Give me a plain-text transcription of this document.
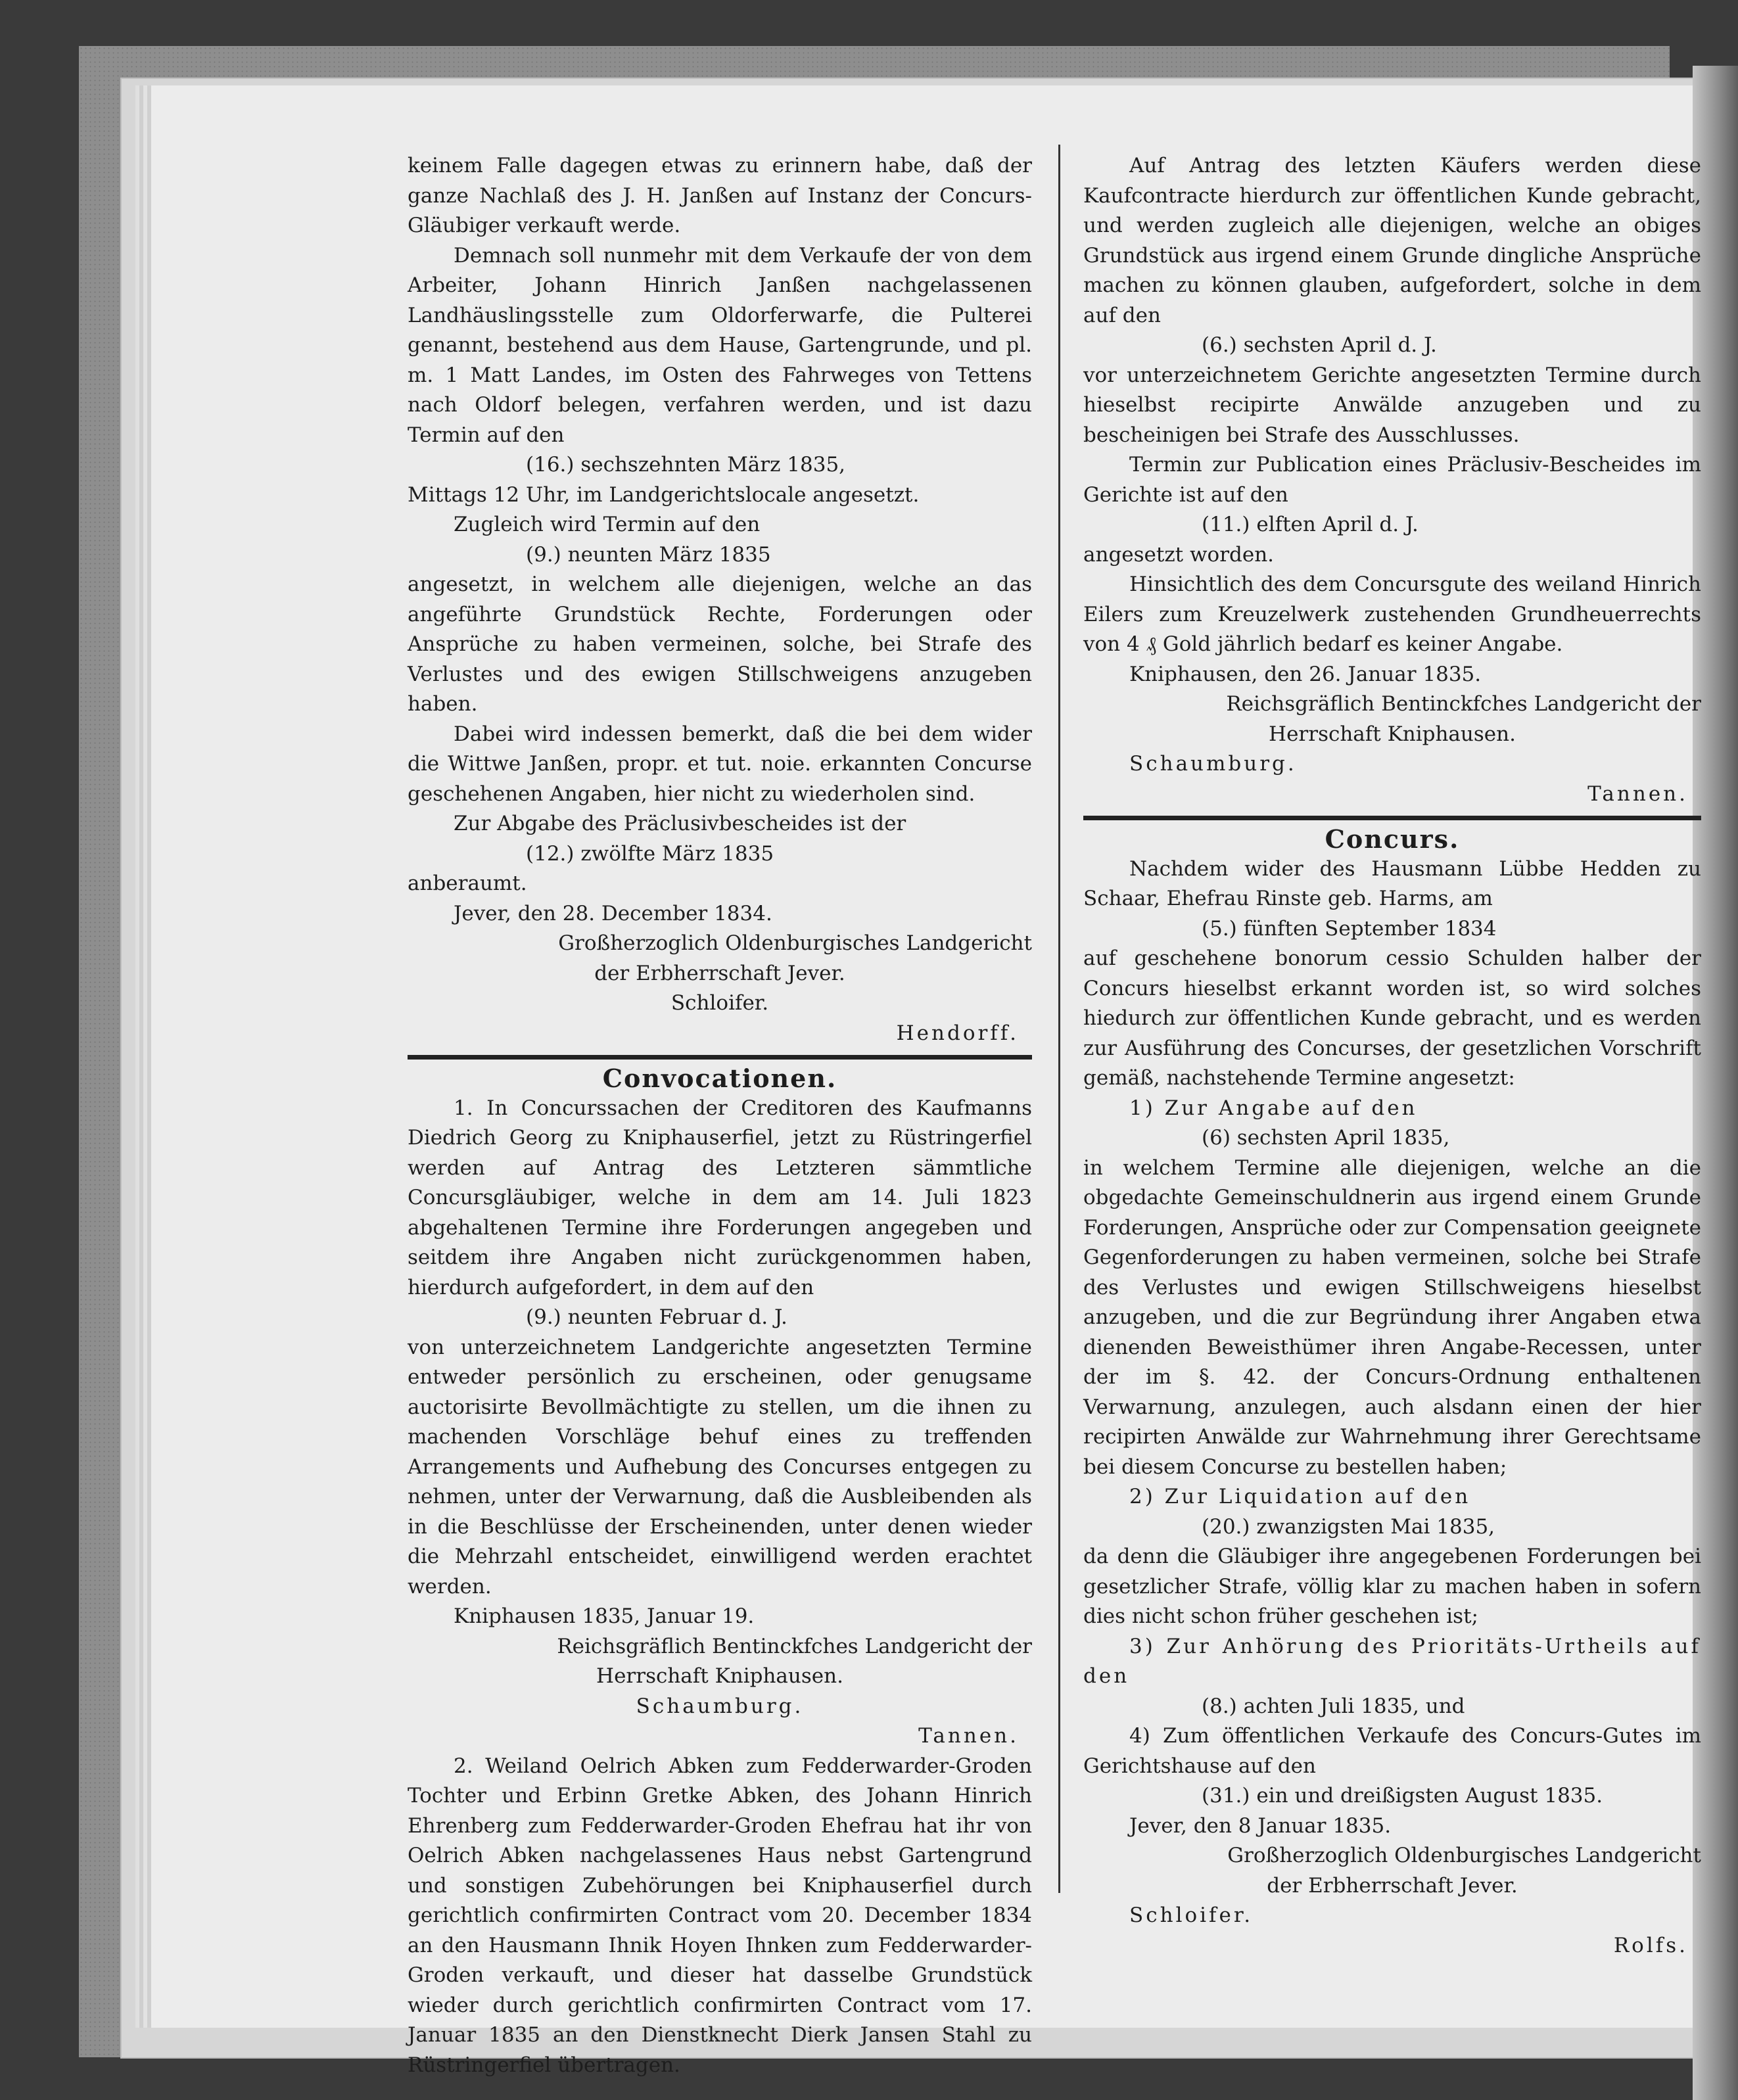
keinem Falle dagegen etwas zu erinnern habe, daß der ganze Nachlaß des J. H. Janßen auf Instanz der Concurs-Gläubiger verkauft werde.

Demnach soll nunmehr mit dem Verkaufe der von dem Arbeiter, Johann Hinrich Janßen nachgelassenen Landhäuslingsstelle zum Oldorferwarfe, die Pulterei genannt, bestehend aus dem Hause, Gartengrunde, und pl. m. 1 Matt Landes, im Osten des Fahrweges von Tettens nach Oldorf belegen, verfahren werden, und ist dazu Termin auf den

(16.) sechszehnten März 1835,

Mittags 12 Uhr, im Landgerichtslocale angesetzt.

Zugleich wird Termin auf den

(9.) neunten März 1835

angesetzt, in welchem alle diejenigen, welche an das angeführte Grundstück Rechte, Forderungen oder Ansprüche zu haben vermeinen, solche, bei Strafe des Verlustes und des ewigen Stillschweigens anzugeben haben.

Dabei wird indessen bemerkt, daß die bei dem wider die Wittwe Janßen, propr. et tut. noie. erkannten Concurse geschehenen Angaben, hier nicht zu wiederholen sind.

Zur Abgabe des Präclusivbescheides ist der

(12.) zwölfte März 1835

anberaumt.

Jever, den 28. December 1834.

Großherzoglich Oldenburgisches Landgericht

der Erbherrschaft Jever.

Schloifer.

Hendorff.

Convocationen.

1. In Concurssachen der Creditoren des Kaufmanns Diedrich Georg zu Kniphauserfiel, jetzt zu Rüstringerfiel werden auf Antrag des Letzteren sämmtliche Concursgläubiger, welche in dem am 14. Juli 1823 abgehaltenen Termine ihre Forderungen angegeben und seitdem ihre Angaben nicht zurückgenommen haben, hierdurch aufgefordert, in dem auf den

(9.) neunten Februar d. J.

von unterzeichnetem Landgerichte angesetzten Termine entweder persönlich zu erscheinen, oder genugsame auctorisirte Bevollmächtigte zu stellen, um die ihnen zu machenden Vorschläge behuf eines zu treffenden Arrangements und Aufhebung des Concurses entgegen zu nehmen, unter der Verwarnung, daß die Ausbleibenden als in die Beschlüsse der Erscheinenden, unter denen wieder die Mehrzahl entscheidet, einwilligend werden erachtet werden.

Kniphausen 1835, Januar 19.

Reichsgräflich Bentinckfches Landgericht der

Herrschaft Kniphausen.

Schaumburg.

Tannen.

2. Weiland Oelrich Abken zum Fedderwarder-Groden Tochter und Erbinn Gretke Abken, des Johann Hinrich Ehrenberg zum Fedderwarder-Groden Ehefrau hat ihr von Oelrich Abken nachgelassenes Haus nebst Gartengrund und sonstigen Zubehörungen bei Kniphauserfiel durch gerichtlich confirmirten Contract vom 20. December 1834 an den Hausmann Ihnik Hoyen Ihnken zum Fedderwarder-Groden verkauft, und dieser hat dasselbe Grundstück wieder durch gerichtlich confirmirten Contract vom 17. Januar 1835 an den Dienstknecht Dierk Jansen Stahl zu Rüstringerfiel übertragen.

Auf Antrag des letzten Käufers werden diese Kaufcontracte hierdurch zur öffentlichen Kunde gebracht, und werden zugleich alle diejenigen, welche an obiges Grundstück aus irgend einem Grunde dingliche Ansprüche machen zu können glauben, aufgefordert, solche in dem auf den

(6.) sechsten April d. J.

vor unterzeichnetem Gerichte angesetzten Termine durch hieselbst recipirte Anwälde anzugeben und zu bescheinigen bei Strafe des Ausschlusses.

Termin zur Publication eines Präclusiv-Bescheides im Gerichte ist auf den

(11.) elften April d. J.

angesetzt worden.

Hinsichtlich des dem Concursgute des weiland Hinrich Eilers zum Kreuzelwerk zustehenden Grundheuerrechts von 4 ₰ Gold jährlich bedarf es keiner Angabe.

Kniphausen, den 26. Januar 1835.

Reichsgräflich Bentinckfches Landgericht der

Herrschaft Kniphausen.

Schaumburg.

Tannen.

Concurs.

Nachdem wider des Hausmann Lübbe Hedden zu Schaar, Ehefrau Rinste geb. Harms, am

(5.) fünften September 1834

auf geschehene bonorum cessio Schulden halber der Concurs hieselbst erkannt worden ist, so wird solches hiedurch zur öffentlichen Kunde gebracht, und es werden zur Ausführung des Concurses, der gesetzlichen Vorschrift gemäß, nachstehende Termine angesetzt:

1) Zur Angabe auf den

(6) sechsten April 1835,

in welchem Termine alle diejenigen, welche an die obgedachte Gemeinschuldnerin aus irgend einem Grunde Forderungen, Ansprüche oder zur Compensation geeignete Gegenforderungen zu haben vermeinen, solche bei Strafe des Verlustes und ewigen Stillschweigens hieselbst anzugeben, und die zur Begründung ihrer Angaben etwa dienenden Beweisthümer ihren Angabe-Recessen, unter der im §. 42. der Concurs-Ordnung enthaltenen Verwarnung, anzulegen, auch alsdann einen der hier recipirten Anwälde zur Wahrnehmung ihrer Gerechtsame bei diesem Concurse zu bestellen haben;

2) Zur Liquidation auf den

(20.) zwanzigsten Mai 1835,

da denn die Gläubiger ihre angegebenen Forderungen bei gesetzlicher Strafe, völlig klar zu machen haben in sofern dies nicht schon früher geschehen ist;

3) Zur Anhörung des Prioritäts-Urtheils auf den

(8.) achten Juli 1835, und

4) Zum öffentlichen Verkaufe des Concurs-Gutes im Gerichtshause auf den

(31.) ein und dreißigsten August 1835.

Jever, den 8 Januar 1835.

Großherzoglich Oldenburgisches Landgericht

der Erbherrschaft Jever.

Schloifer.

Rolfs.
